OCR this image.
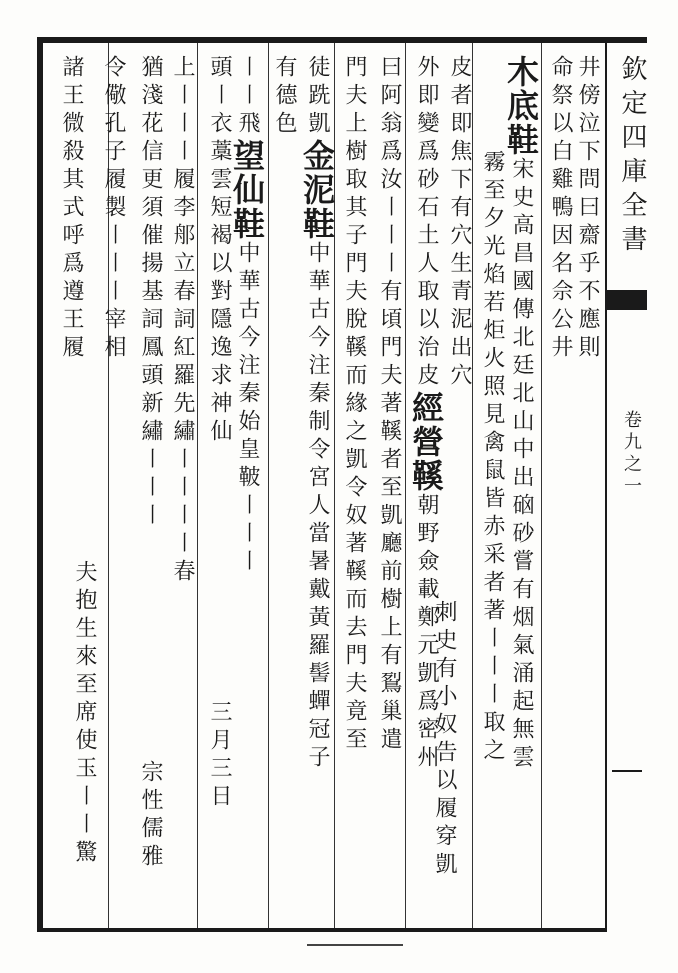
欽定四庫全書
卷九之一
井傍泣下問曰齋乎不應則
命祭以白雞鴨因名佘公井
木底鞋宋史高昌國傳北廷北山中出硇砂嘗有烟氣涌起無雲
霧至夕光焰若炬火照見禽鼠皆赤采者著〡〡〡取之
皮者即焦下有穴生青泥出穴
外即變爲砂石土人取以治皮經營鞵朝野僉載鄭元凱爲密州
刺史有小奴告以履穿凱
曰阿翁爲汝〡〡〡有頃門夫著鞵者至凱廳前樹上有鴷巢遣
門夫上樹取其子門夫脫鞵而緣之凱令奴著鞵而去門夫竟至
徒跣凱金泥鞋中華古今注秦制令宮人當暑戴黃羅髻蟬冠子
有德色
〡〡飛望仙鞋中華古今注秦始皇鞁〡〡〡
頭〡衣藁雲短褐以對隱逸求神仙
三月三日
上〡〡〡履李郍立春詞紅羅先繡〡〡〡〡春
猶淺花信更須催揚基詞鳳頭新繡〡〡〡
宗性儒雅
令儆孔子履製〡〡〡宰相
夫抱生來至席使玉〡〡驚
諸王微殺其式呼爲遵王履
